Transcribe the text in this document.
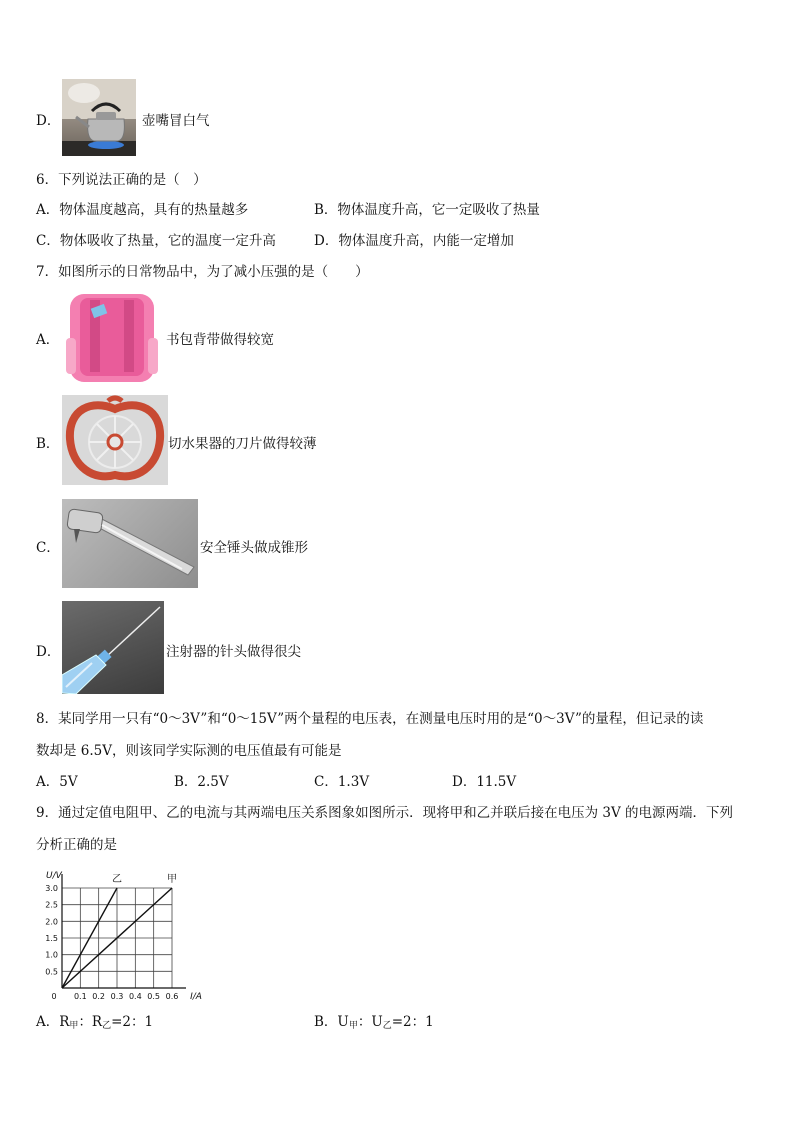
D．	壶嘴冒白气
6．下列说法正确的是（　）
A．物体温度越高，具有的热量越多	B．物体温度升高，它一定吸收了热量
C．物体吸收了热量，它的温度一定升高	D．物体温度升高，内能一定增加
7．如图所示的日常物品中，为了减小压强的是（　　）
A．	书包背带做得较宽
B．	切水果器的刀片做得较薄
C．	安全锤头做成锥形
D．	注射器的针头做得很尖
8．某同学用一只有“0～3V”和“0～15V”两个量程的电压表，在测量电压时用的是“0～3V”的量程，但记录的读
数却是 6.5V，则该同学实际测的电压值最有可能是
A．5V	B．2.5V	C．1.3V	D．11.5V
9．通过定值电阻甲、乙的电流与其两端电压关系图象如图所示．现将甲和乙并联后接在电压为 3V 的电源两端．下列
分析正确的是
0.1 0.2 0.3 0.4 0.5 0.6
0.5
1.0
1.5
2.0
2.5
3.0
0	I/A
U/V	乙	甲
A．$R_甲$：$R_乙=2$：1	B．$U_甲$：$U_乙=2$：1
